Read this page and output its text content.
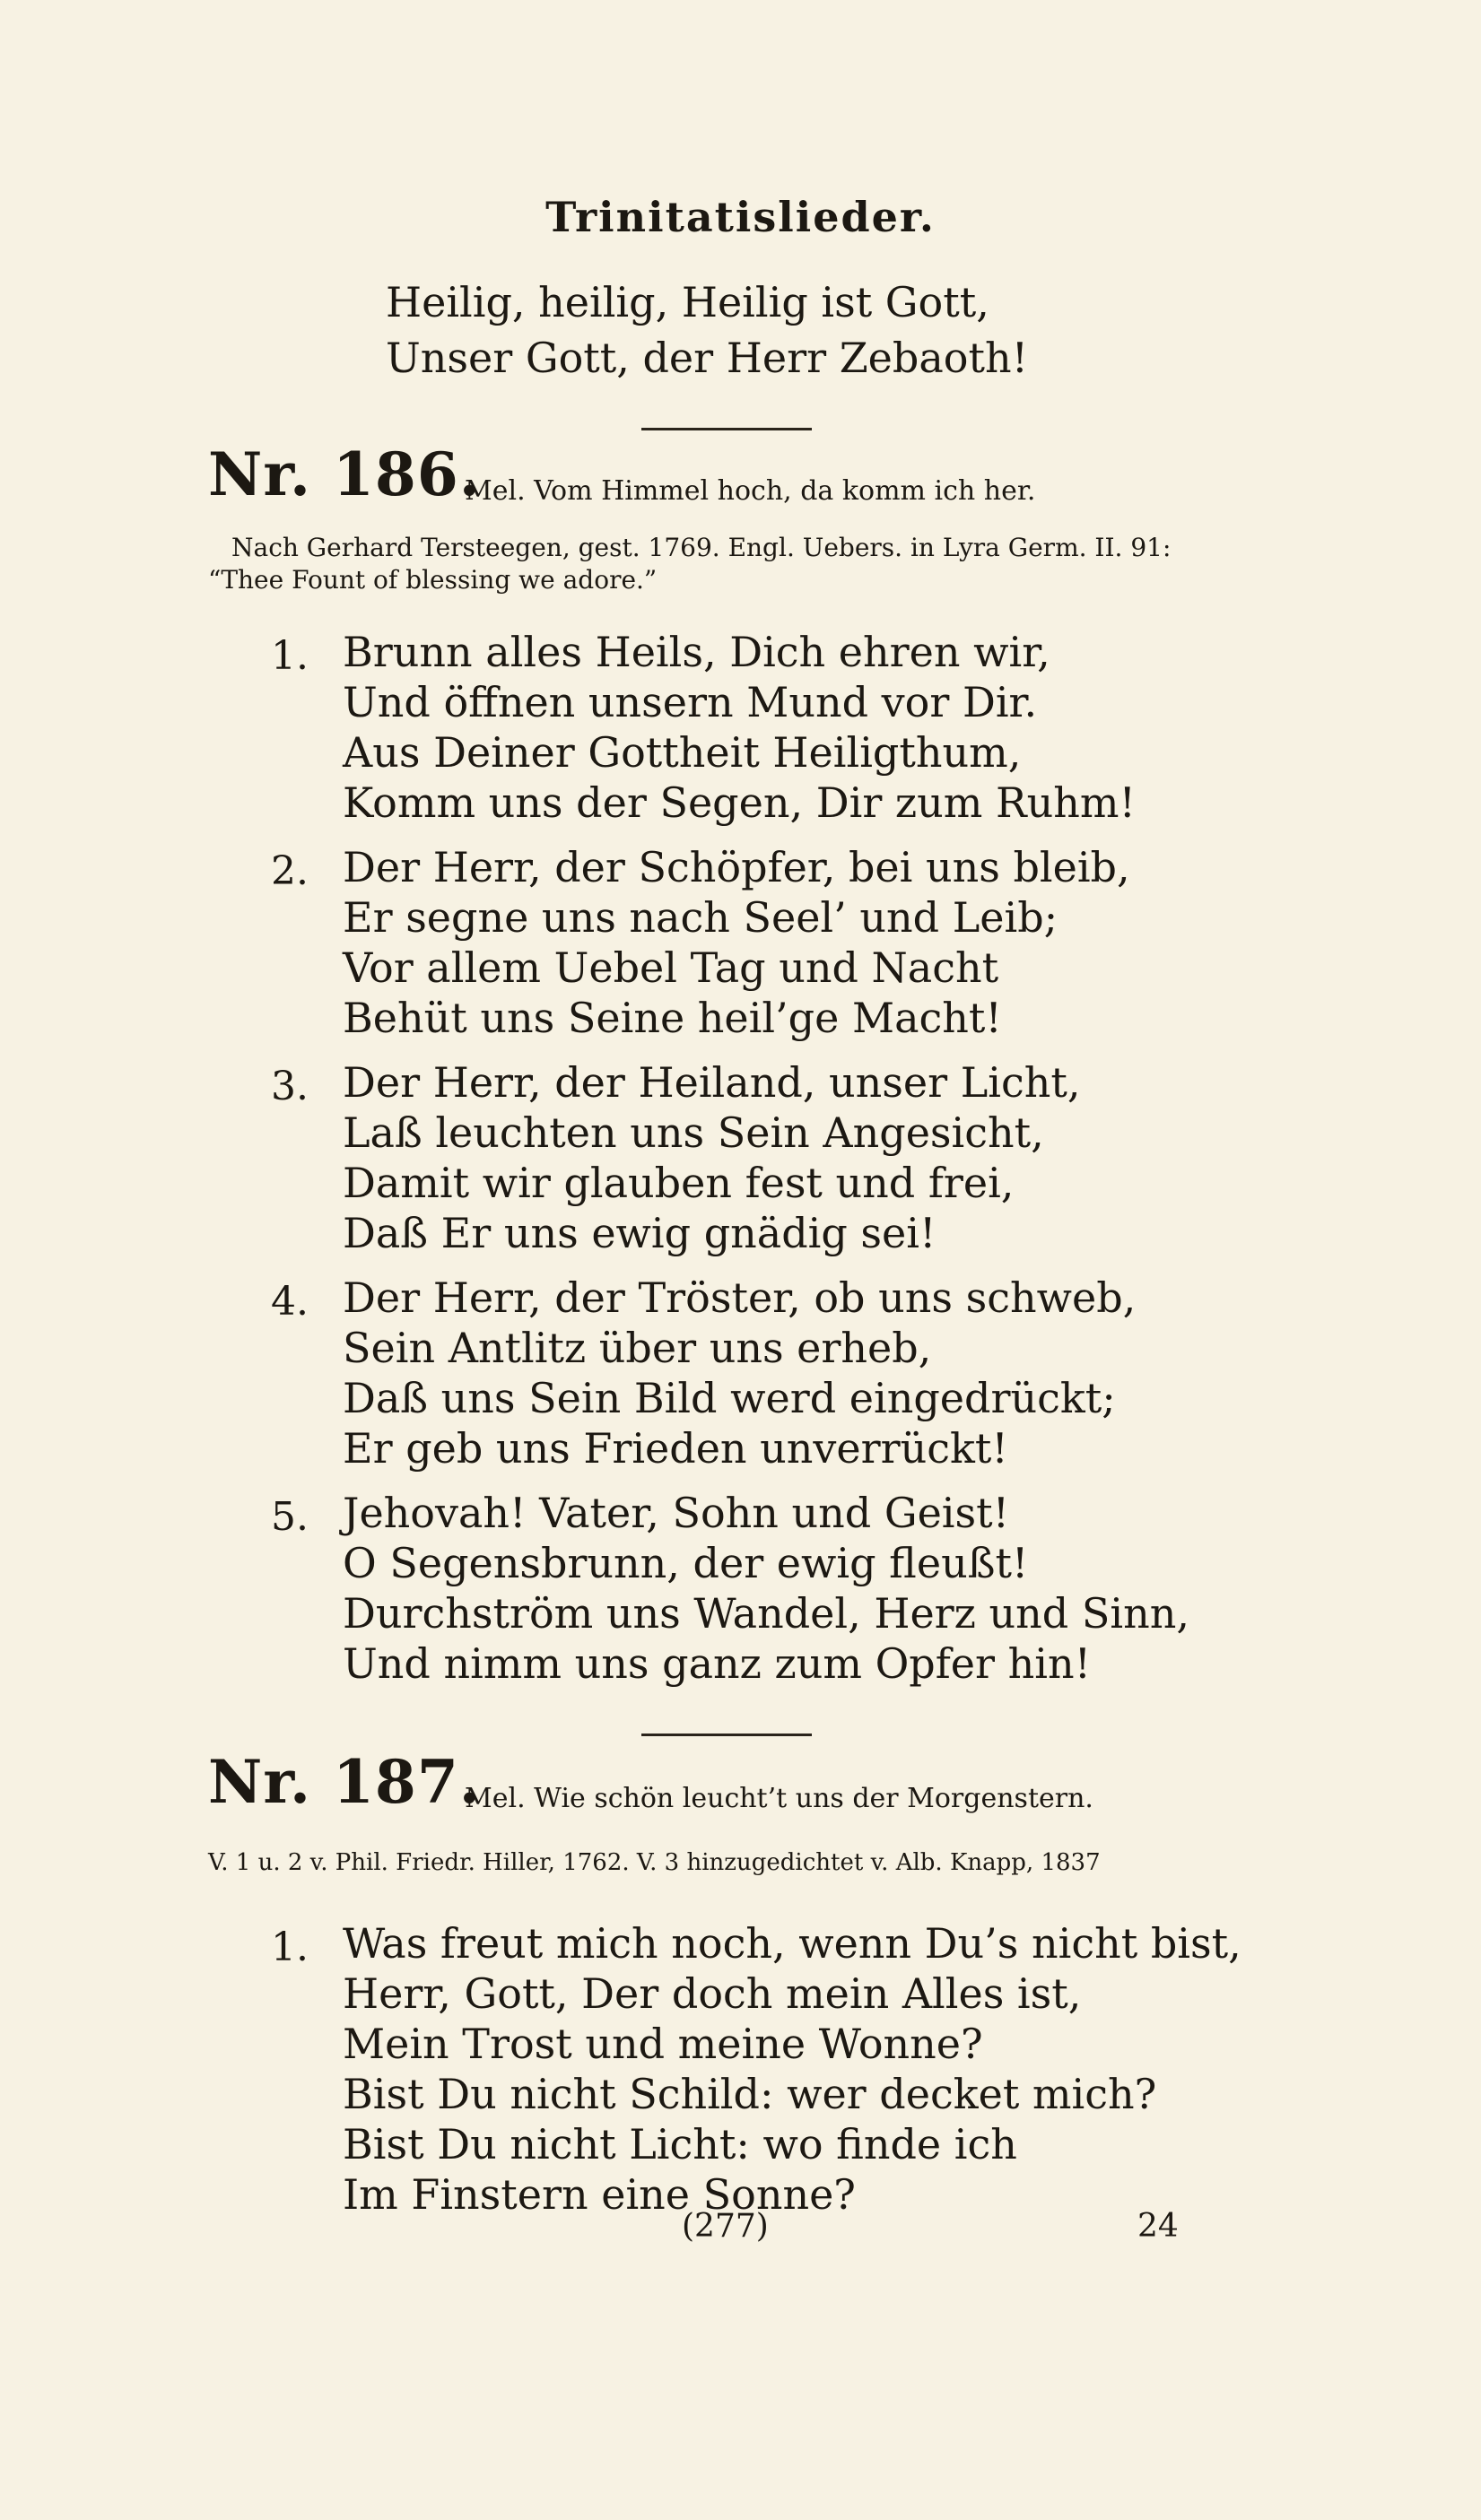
Trinitatislieder.
Heilig, heilig, Heilig ist Gott,
Unser Gott, der Herr Zebaoth!
Nr. 186.
Mel. Vom Himmel hoch, da komm ich her.
Nach Gerhard Tersteegen, gest. 1769. Engl. Uebers. in Lyra Germ. II. 91:
“Thee Fount of blessing we adore.”
1. Brunn alles Heils, Dich ehren wir,
Und öffnen unsern Mund vor Dir.
Aus Deiner Gottheit Heiligthum,
Komm uns der Segen, Dir zum Ruhm!
2. Der Herr, der Schöpfer, bei uns bleib,
Er segne uns nach Seel’ und Leib;
Vor allem Uebel Tag und Nacht
Behüt uns Seine heil’ge Macht!
3. Der Herr, der Heiland, unser Licht,
Laß leuchten uns Sein Angesicht,
Damit wir glauben fest und frei,
Daß Er uns ewig gnädig sei!
4. Der Herr, der Tröster, ob uns schweb,
Sein Antlitz über uns erheb,
Daß uns Sein Bild werd eingedrückt;
Er geb uns Frieden unverrückt!
5. Jehovah! Vater, Sohn und Geist!
O Segensbrunn, der ewig fleußt!
Durchström uns Wandel, Herz und Sinn,
Und nimm uns ganz zum Opfer hin!
Nr. 187.
Mel. Wie schön leucht’t uns der Morgenstern.
V. 1 u. 2 v. Phil. Friedr. Hiller, 1762. V. 3 hinzugedichtet v. Alb. Knapp, 1837
1. Was freut mich noch, wenn Du’s nicht bist,
Herr, Gott, Der doch mein Alles ist,
Mein Trost und meine Wonne?
Bist Du nicht Schild: wer decket mich?
Bist Du nicht Licht: wo finde ich
Im Finstern eine Sonne?
(277)	24
